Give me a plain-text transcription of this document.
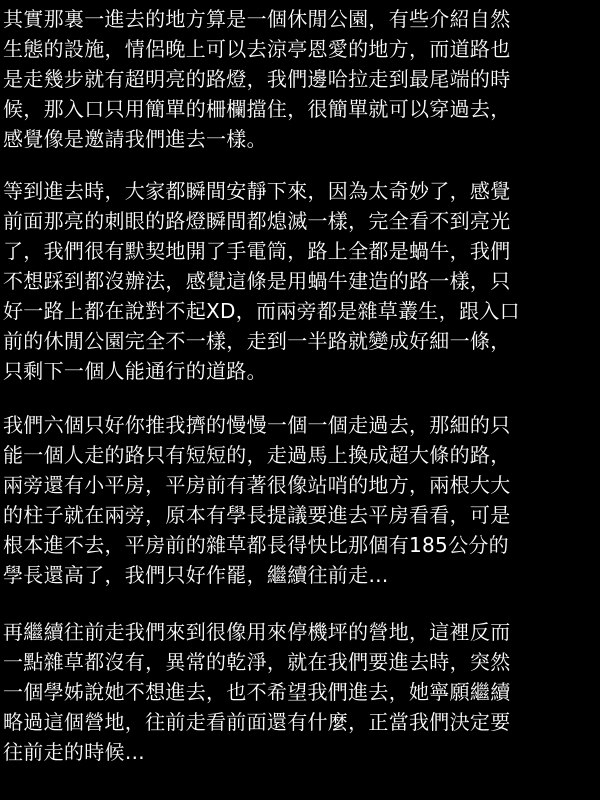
其實那裏一進去的地方算是一個休閒公園，有些介紹自然
生態的設施，情侶晚上可以去涼亭恩愛的地方，而道路也
是走幾步就有超明亮的路燈，我們邊哈拉走到最尾端的時
候，那入口只用簡單的柵欄擋住，很簡單就可以穿過去，
感覺像是邀請我們進去一樣。
等到進去時，大家都瞬間安靜下來，因為太奇妙了，感覺
前面那亮的刺眼的路燈瞬間都熄滅一樣，完全看不到亮光
了，我們很有默契地開了手電筒，路上全都是蝸牛，我們
不想踩到都沒辦法，感覺這條是用蝸牛建造的路一樣，只
好一路上都在說對不起XD，而兩旁都是雜草叢生，跟入口
前的休閒公園完全不一樣，走到一半路就變成好細一條，
只剩下一個人能通行的道路。
我們六個只好你推我擠的慢慢一個一個走過去，那細的只
能一個人走的路只有短短的，走過馬上換成超大條的路，
兩旁還有小平房，平房前有著很像站哨的地方，兩根大大
的柱子就在兩旁，原本有學長提議要進去平房看看，可是
根本進不去，平房前的雜草都長得快比那個有185公分的
學長還高了，我們只好作罷，繼續往前走…
再繼續往前走我們來到很像用來停機坪的營地，這裡反而
一點雜草都沒有，異常的乾淨，就在我們要進去時，突然
一個學姊說她不想進去，也不希望我們進去，她寧願繼續
略過這個營地，往前走看前面還有什麼，正當我們決定要
往前走的時候…
